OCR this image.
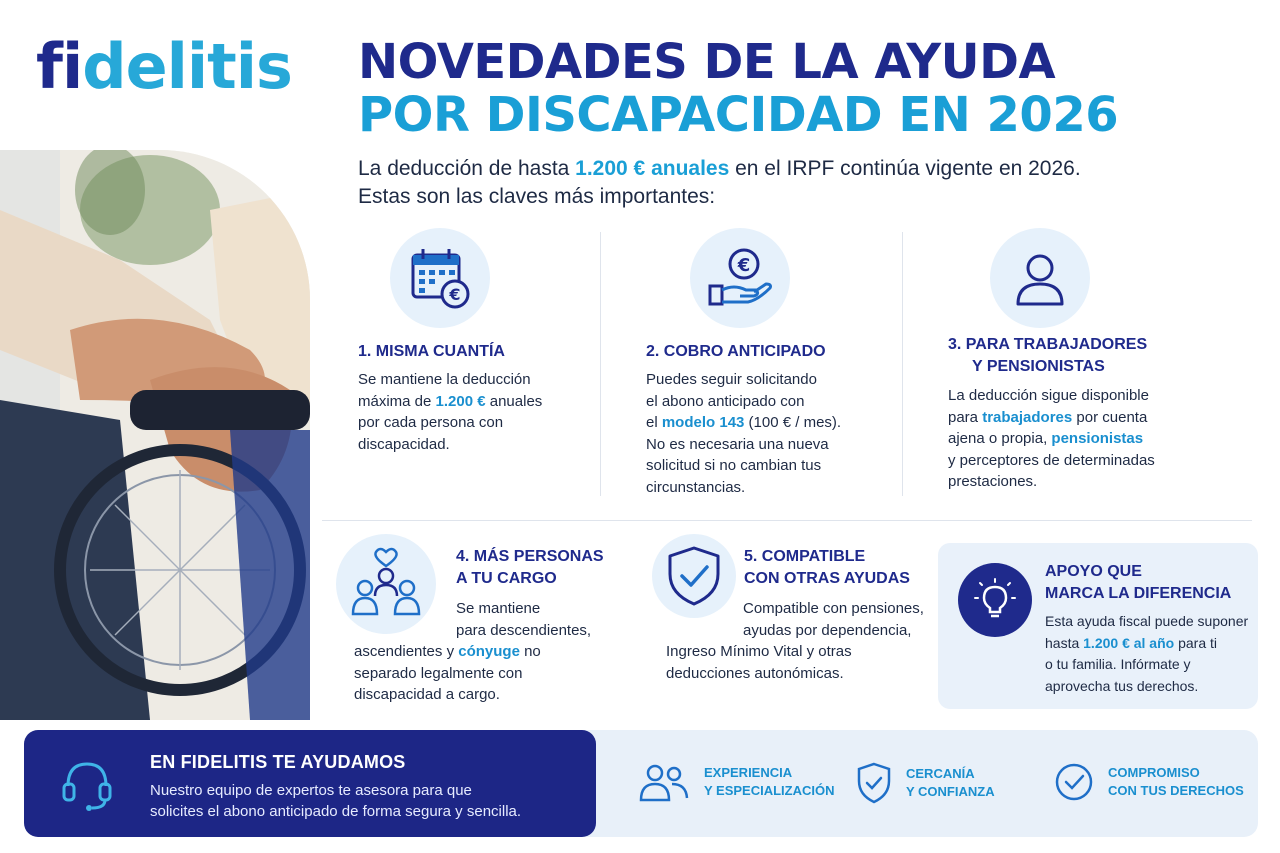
fidelitis NOVEDADES DE LA AYUDA
POR DISCAPACIDAD EN 2026
La deducción de hasta 1.200 € anuales en el IRPF continúa vigente en 2026.
Estas son las claves más importantes:
€
1. MISMA CUANTÍA
Se mantiene la deducción
máxima de 1.200 € anuales
por cada persona con
discapacidad.
€
2. COBRO ANTICIPADO
Puedes seguir solicitando
el abono anticipado con
el modelo 143 (100 € / mes).
No es necesaria una nueva
solicitud si no cambian tus
circunstancias.
3. PARA TRABAJADORES
Y PENSIONISTAS
La deducción sigue disponible
para trabajadores por cuenta
ajena o propia, pensionistas
y perceptores de determinadas
prestaciones.
4. MÁS PERSONAS
A TU CARGO
Se mantiene
para descendientes,
ascendientes y cónyuge no
separado legalmente con
discapacidad a cargo.
5. COMPATIBLE
CON OTRAS AYUDAS
Compatible con pensiones,
ayudas por dependencia,
Ingreso Mínimo Vital y otras
deducciones autonómicas.
APOYO QUE
MARCA LA DIFERENCIA
Esta ayuda fiscal puede suponer
hasta 1.200 € al año para ti
o tu familia. Infórmate y
aprovecha tus derechos.
EXPERIENCIA
Y ESPECIALIZACIÓN
CERCANÍA
Y CONFIANZA
COMPROMISO
CON TUS DERECHOS
EN FIDELITIS TE AYUDAMOS
Nuestro equipo de expertos te asesora para que
solicites el abono anticipado de forma segura y sencilla.
